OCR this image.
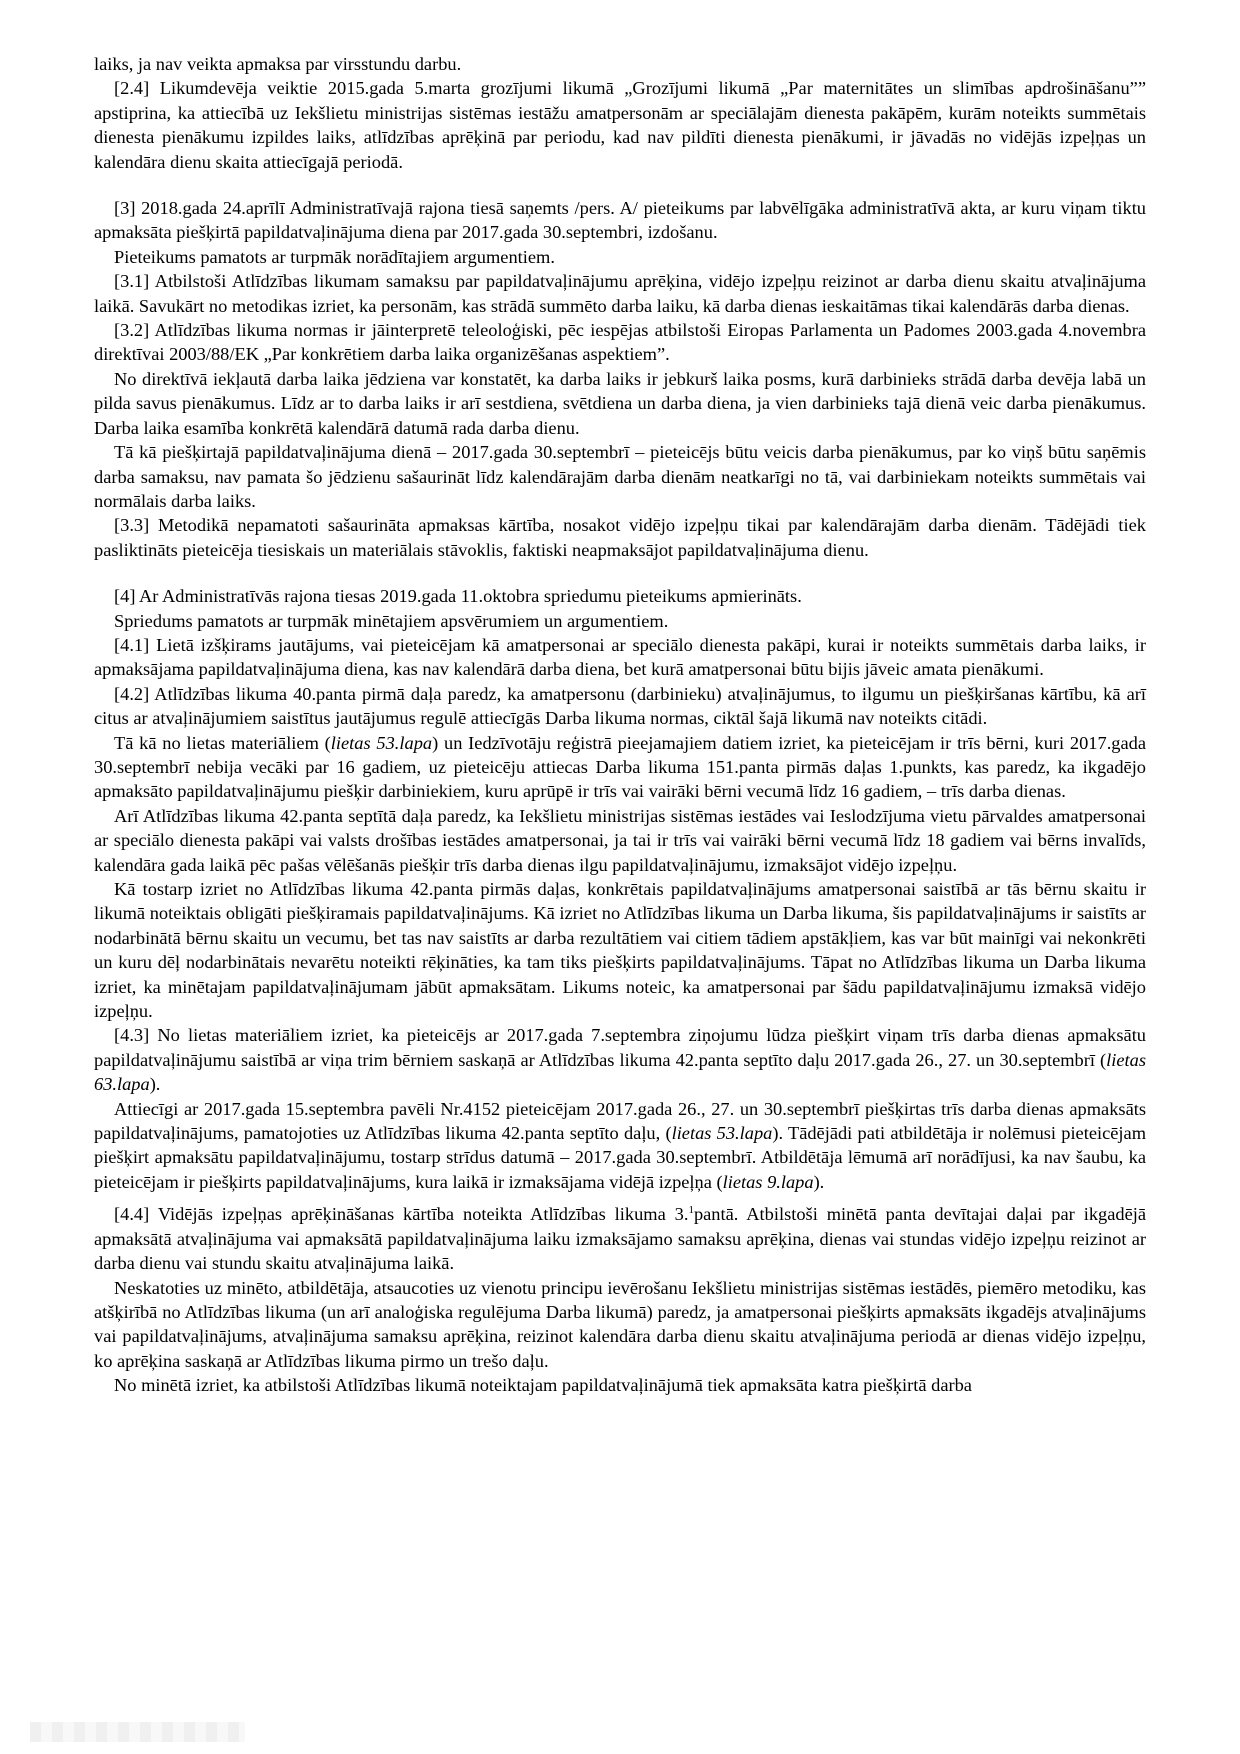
laiks, ja nav veikta apmaksa par virsstundu darbu.

[2.4] Likumdevēja veiktie 2015.gada 5.marta grozījumi likumā „Grozījumi likumā „Par maternitātes un slimības apdrošināšanu”” apstiprina, ka attiecībā uz Iekšlietu ministrijas sistēmas iestāžu amatpersonām ar speciālajām dienesta pakāpēm, kurām noteikts summētais dienesta pienākumu izpildes laiks, atlīdzības aprēķinā par periodu, kad nav pildīti dienesta pienākumi, ir jāvadās no vidējās izpeļņas un kalendāra dienu skaita attiecīgajā periodā.

[3] 2018.gada 24.aprīlī Administratīvajā rajona tiesā saņemts /pers. A/ pieteikums par labvēlīgāka administratīvā akta, ar kuru viņam tiktu apmaksāta piešķirtā papildatvaļinājuma diena par 2017.gada 30.septembri, izdošanu.

Pieteikums pamatots ar turpmāk norādītajiem argumentiem.

[3.1] Atbilstoši Atlīdzības likumam samaksu par papildatvaļinājumu aprēķina, vidējo izpeļņu reizinot ar darba dienu skaitu atvaļinājuma laikā. Savukārt no metodikas izriet, ka personām, kas strādā summēto darba laiku, kā darba dienas ieskaitāmas tikai kalendārās darba dienas.

[3.2] Atlīdzības likuma normas ir jāinterpretē teleoloģiski, pēc iespējas atbilstoši Eiropas Parlamenta un Padomes 2003.gada 4.novembra direktīvai 2003/88/EK „Par konkrētiem darba laika organizēšanas aspektiem”.

No direktīvā iekļautā darba laika jēdziena var konstatēt, ka darba laiks ir jebkurš laika posms, kurā darbinieks strādā darba devēja labā un pilda savus pienākumus. Līdz ar to darba laiks ir arī sestdiena, svētdiena un darba diena, ja vien darbinieks tajā dienā veic darba pienākumus. Darba laika esamība konkrētā kalendārā datumā rada darba dienu.

Tā kā piešķirtajā papildatvaļinājuma dienā – 2017.gada 30.septembrī – pieteicējs būtu veicis darba pienākumus, par ko viņš būtu saņēmis darba samaksu, nav pamata šo jēdzienu sašaurināt līdz kalendārajām darba dienām neatkarīgi no tā, vai darbiniekam noteikts summētais vai normālais darba laiks.

[3.3] Metodikā nepamatoti sašaurināta apmaksas kārtība, nosakot vidējo izpeļņu tikai par kalendārajām darba dienām. Tādējādi tiek pasliktināts pieteicēja tiesiskais un materiālais stāvoklis, faktiski neapmaksājot papildatvaļinājuma dienu.

[4] Ar Administratīvās rajona tiesas 2019.gada 11.oktobra spriedumu pieteikums apmierināts.

Spriedums pamatots ar turpmāk minētajiem apsvērumiem un argumentiem.

[4.1] Lietā izšķirams jautājums, vai pieteicējam kā amatpersonai ar speciālo dienesta pakāpi, kurai ir noteikts summētais darba laiks, ir apmaksājama papildatvaļinājuma diena, kas nav kalendārā darba diena, bet kurā amatpersonai būtu bijis jāveic amata pienākumi.

[4.2] Atlīdzības likuma 40.panta pirmā daļa paredz, ka amatpersonu (darbinieku) atvaļinājumus, to ilgumu un piešķiršanas kārtību, kā arī citus ar atvaļinājumiem saistītus jautājumus regulē attiecīgās Darba likuma normas, ciktāl šajā likumā nav noteikts citādi.

Tā kā no lietas materiāliem (lietas 53.lapa) un Iedzīvotāju reģistrā pieejamajiem datiem izriet, ka pieteicējam ir trīs bērni, kuri 2017.gada 30.septembrī nebija vecāki par 16 gadiem, uz pieteicēju attiecas Darba likuma 151.panta pirmās daļas 1.punkts, kas paredz, ka ikgadējo apmaksāto papildatvaļinājumu piešķir darbiniekiem, kuru aprūpē ir trīs vai vairāki bērni vecumā līdz 16 gadiem, – trīs darba dienas.

Arī Atlīdzības likuma 42.panta septītā daļa paredz, ka Iekšlietu ministrijas sistēmas iestādes vai Ieslodzījuma vietu pārvaldes amatpersonai ar speciālo dienesta pakāpi vai valsts drošības iestādes amatpersonai, ja tai ir trīs vai vairāki bērni vecumā līdz 18 gadiem vai bērns invalīds, kalendāra gada laikā pēc pašas vēlēšanās piešķir trīs darba dienas ilgu papildatvaļinājumu, izmaksājot vidējo izpeļņu.

Kā tostarp izriet no Atlīdzības likuma 42.panta pirmās daļas, konkrētais papildatvaļinājums amatpersonai saistībā ar tās bērnu skaitu ir likumā noteiktais obligāti piešķiramais papildatvaļinājums. Kā izriet no Atlīdzības likuma un Darba likuma, šis papildatvaļinājums ir saistīts ar nodarbinātā bērnu skaitu un vecumu, bet tas nav saistīts ar darba rezultātiem vai citiem tādiem apstākļiem, kas var būt mainīgi vai nekonkrēti un kuru dēļ nodarbinātais nevarētu noteikti rēķināties, ka tam tiks piešķirts papildatvaļinājums. Tāpat no Atlīdzības likuma un Darba likuma izriet, ka minētajam papildatvaļinājumam jābūt apmaksātam. Likums noteic, ka amatpersonai par šādu papildatvaļinājumu izmaksā vidējo izpeļņu.

[4.3] No lietas materiāliem izriet, ka pieteicējs ar 2017.gada 7.septembra ziņojumu lūdza piešķirt viņam trīs darba dienas apmaksātu papildatvaļinājumu saistībā ar viņa trim bērniem saskaņā ar Atlīdzības likuma 42.panta septīto daļu 2017.gada 26., 27. un 30.septembrī (lietas 63.lapa).

Attiecīgi ar 2017.gada 15.septembra pavēli Nr.4152 pieteicējam 2017.gada 26., 27. un 30.septembrī piešķirtas trīs darba dienas apmaksāts papildatvaļinājums, pamatojoties uz Atlīdzības likuma 42.panta septīto daļu, (lietas 53.lapa). Tādējādi pati atbildētāja ir nolēmusi pieteicējam piešķirt apmaksātu papildatvaļinājumu, tostarp strīdus datumā – 2017.gada 30.septembrī. Atbildētāja lēmumā arī norādījusi, ka nav šaubu, ka pieteicējam ir piešķirts papildatvaļinājums, kura laikā ir izmaksājama vidējā izpeļņa (lietas 9.lapa).

[4.4] Vidējās izpeļņas aprēķināšanas kārtība noteikta Atlīdzības likuma 3.$^1$pantā. Atbilstoši minētā panta devītajai daļai par ikgadējā apmaksātā atvaļinājuma vai apmaksātā papildatvaļinājuma laiku izmaksājamo samaksu aprēķina, dienas vai stundas vidējo izpeļņu reizinot ar darba dienu vai stundu skaitu atvaļinājuma laikā.

Neskatoties uz minēto, atbildētāja, atsaucoties uz vienotu principu ievērošanu Iekšlietu ministrijas sistēmas iestādēs, piemēro metodiku, kas atšķirībā no Atlīdzības likuma (un arī analoģiska regulējuma Darba likumā) paredz, ja amatpersonai piešķirts apmaksāts ikgadējs atvaļinājums vai papildatvaļinājums, atvaļinājuma samaksu aprēķina, reizinot kalendāra darba dienu skaitu atvaļinājuma periodā ar dienas vidējo izpeļņu, ko aprēķina saskaņā ar Atlīdzības likuma pirmo un trešo daļu.

No minētā izriet, ka atbilstoši Atlīdzības likumā noteiktajam papildatvaļinājumā tiek apmaksāta katra piešķirtā darba
